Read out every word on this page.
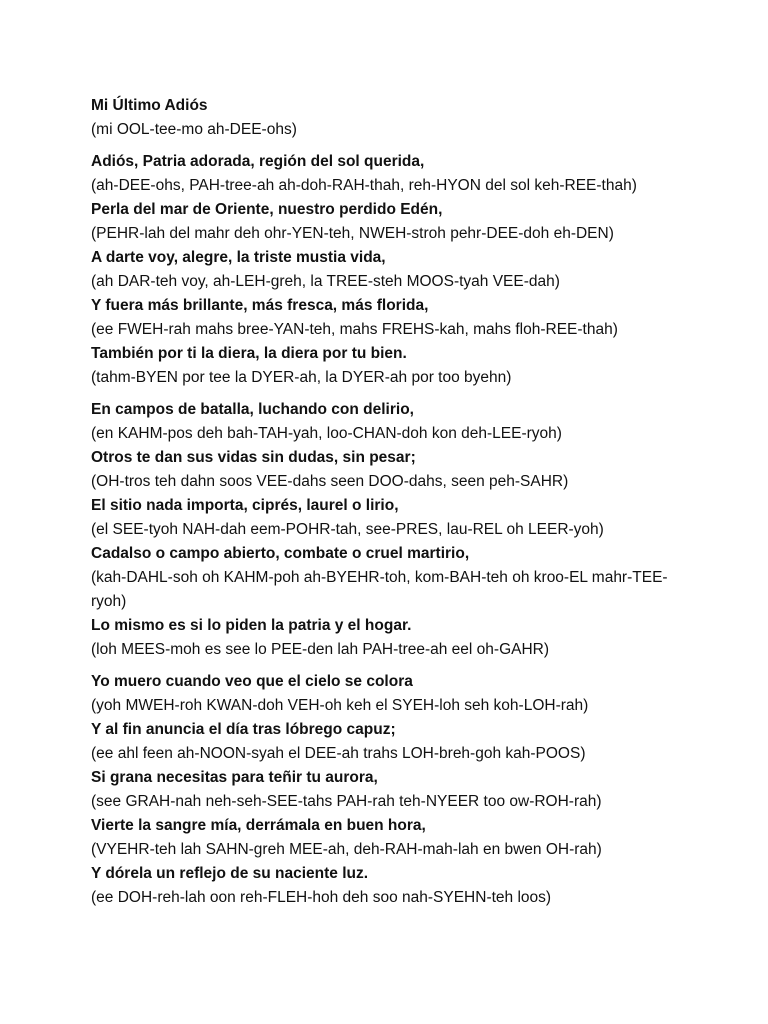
Mi Último Adiós
(mi OOL-tee-mo ah-DEE-ohs)
Adiós, Patria adorada, región del sol querida,
(ah-DEE-ohs, PAH-tree-ah ah-doh-RAH-thah, reh-HYON del sol keh-REE-thah)
Perla del mar de Oriente, nuestro perdido Edén,
(PEHR-lah del mahr deh ohr-YEN-teh, NWEH-stroh pehr-DEE-doh eh-DEN)
A darte voy, alegre, la triste mustia vida,
(ah DAR-teh voy, ah-LEH-greh, la TREE-steh MOOS-tyah VEE-dah)
Y fuera más brillante, más fresca, más florida,
(ee FWEH-rah mahs bree-YAN-teh, mahs FREHS-kah, mahs floh-REE-thah)
También por ti la diera, la diera por tu bien.
(tahm-BYEN por tee la DYER-ah, la DYER-ah por too byehn)
En campos de batalla, luchando con delirio,
(en KAHM-pos deh bah-TAH-yah, loo-CHAN-doh kon deh-LEE-ryoh)
Otros te dan sus vidas sin dudas, sin pesar;
(OH-tros teh dahn soos VEE-dahs seen DOO-dahs, seen peh-SAHR)
El sitio nada importa, ciprés, laurel o lirio,
(el SEE-tyoh NAH-dah eem-POHR-tah, see-PRES, lau-REL oh LEER-yoh)
Cadalso o campo abierto, combate o cruel martirio,
(kah-DAHL-soh oh KAHM-poh ah-BYEHR-toh, kom-BAH-teh oh kroo-EL mahr-TEE-ryoh)
Lo mismo es si lo piden la patria y el hogar.
(loh MEES-moh es see lo PEE-den lah PAH-tree-ah eel oh-GAHR)
Yo muero cuando veo que el cielo se colora
(yoh MWEH-roh KWAN-doh VEH-oh keh el SYEH-loh seh koh-LOH-rah)
Y al fin anuncia el día tras lóbrego capuz;
(ee ahl feen ah-NOON-syah el DEE-ah trahs LOH-breh-goh kah-POOS)
Si grana necesitas para teñir tu aurora,
(see GRAH-nah neh-seh-SEE-tahs PAH-rah teh-NYEER too ow-ROH-rah)
Vierte la sangre mía, derrámala en buen hora,
(VYEHR-teh lah SAHN-greh MEE-ah, deh-RAH-mah-lah en bwen OH-rah)
Y dórela un reflejo de su naciente luz.
(ee DOH-reh-lah oon reh-FLEH-hoh deh soo nah-SYEHN-teh loos)
